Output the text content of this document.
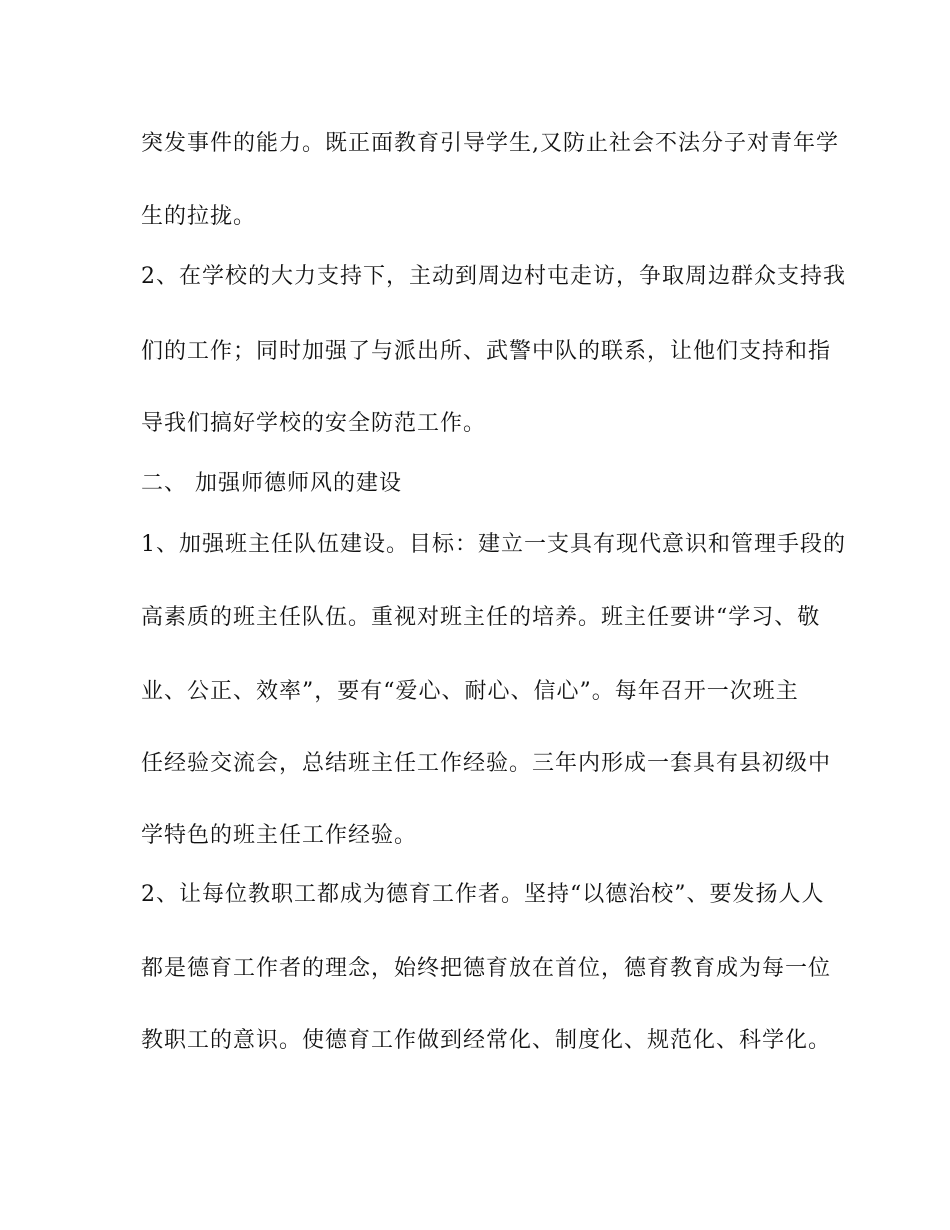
突发事件的能力。既正面教育引导学生,又防止社会不法分子对青年学
生的拉拢。
2、在学校的大力支持下，主动到周边村屯走访，争取周边群众支持我
们的工作；同时加强了与派出所、武警中队的联系，让他们支持和指
导我们搞好学校的安全防范工作。
二、 加强师德师风的建设
1、加强班主任队伍建设。目标：建立一支具有现代意识和管理手段的
高素质的班主任队伍。重视对班主任的培养。班主任要讲“学习、敬
业、公正、效率”，要有“爱心、耐心、信心”。每年召开一次班主
任经验交流会，总结班主任工作经验。三年内形成一套具有县初级中
学特色的班主任工作经验。
2、让每位教职工都成为德育工作者。坚持“以德治校”、要发扬人人
都是德育工作者的理念，始终把德育放在首位，德育教育成为每一位
教职工的意识。使德育工作做到经常化、制度化、规范化、科学化。
